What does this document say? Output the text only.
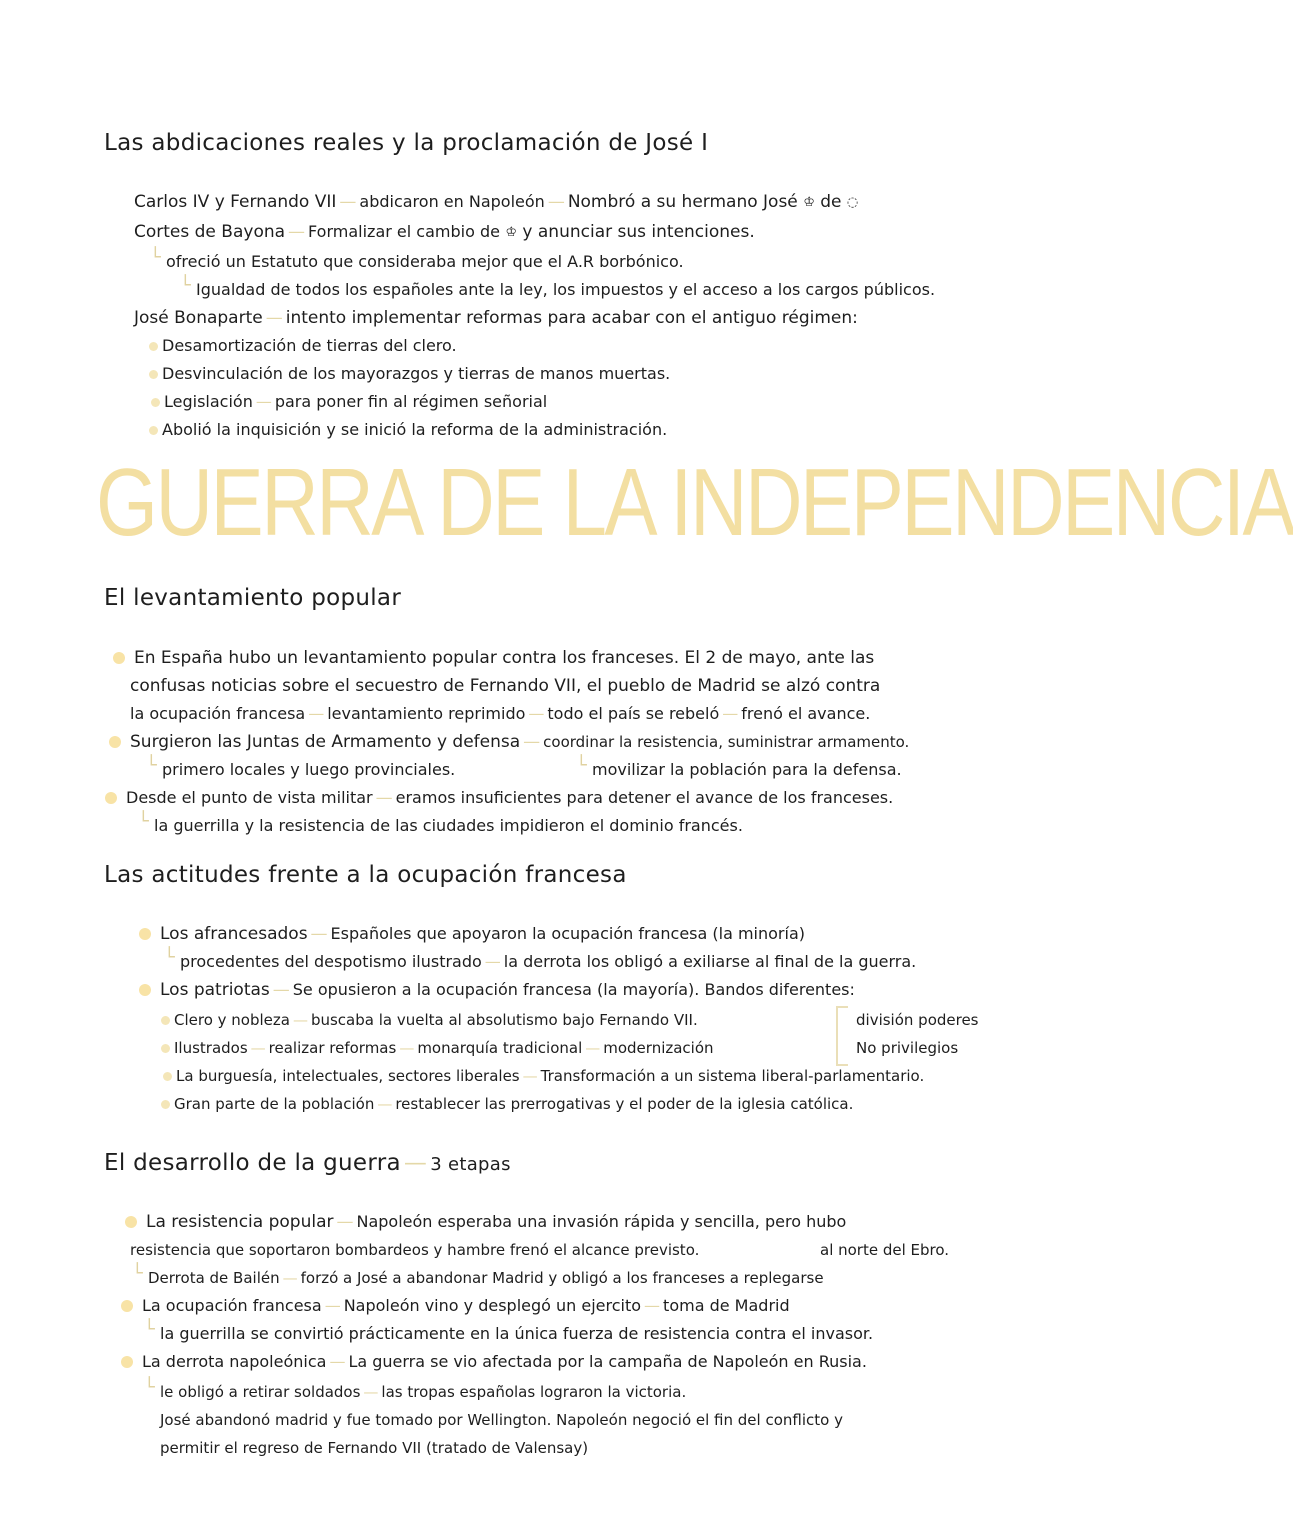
Las abdicaciones reales y la proclamación de José I
Carlos IV y Fernando VII — abdicaron en Napoleón — Nombró a su hermano José ♔ de ◌
Cortes de Bayona — Formalizar el cambio de ♔ y anunciar sus intenciones.
└ ofreció un Estatuto que consideraba mejor que el A.R borbónico.
└ Igualdad de todos los españoles ante la ley, los impuestos y el acceso a los cargos públicos.
José Bonaparte — intento implementar reformas para acabar con el antiguo régimen:
Desamortización de tierras del clero.
Desvinculación de los mayorazgos y tierras de manos muertas.
Legislación — para poner fin al régimen señorial
Abolió la inquisición y se inició la reforma de la administración.
GUERRA DE LA INDEPENDENCIA
El levantamiento popular
En España hubo un levantamiento popular contra los franceses. El 2 de mayo, ante las
confusas noticias sobre el secuestro de Fernando VII, el pueblo de Madrid se alzó contra
la ocupación francesa — levantamiento reprimido — todo el país se rebeló — frenó el avance.
Surgieron las Juntas de Armamento y defensa — coordinar la resistencia, suministrar armamento.
└ primero locales y luego provinciales.
└	movilizar la población para la defensa.
Desde el punto de vista militar — eramos insuficientes para detener el avance de los franceses.
└ la guerrilla y la resistencia de las ciudades impidieron el dominio francés.
Las actitudes frente a la ocupación francesa
Los afrancesados — Españoles que apoyaron la ocupación francesa (la minoría)
└ procedentes del despotismo ilustrado — la derrota los obligó a exiliarse al final de la guerra.
Los patriotas — Se opusieron a la ocupación francesa (la mayoría). Bandos diferentes:
Clero y nobleza — buscaba la vuelta al absolutismo bajo Fernando VII.	división poderes
Ilustrados — realizar reformas — monarquía tradicional — modernización	No privilegios
La burguesía, intelectuales, sectores liberales — Transformación a un sistema liberal-parlamentario.
Gran parte de la población — restablecer las prerrogativas y el poder de la iglesia católica.
El desarrollo de la guerra — 3 etapas
La resistencia popular — Napoleón esperaba una invasión rápida y sencilla, pero hubo
resistencia que soportaron bombardeos y hambre frenó el alcance previsto.	al norte del Ebro.
└ Derrota de Bailén — forzó a José a abandonar Madrid y obligó a los franceses a replegarse
La ocupación francesa — Napoleón vino y desplegó un ejercito — toma de Madrid
└ la guerrilla se convirtió prácticamente en la única fuerza de resistencia contra el invasor.
La derrota napoleónica — La guerra se vio afectada por la campaña de Napoleón en Rusia.
└ le obligó a retirar soldados — las tropas españolas lograron la victoria.
José abandonó madrid y fue tomado por Wellington. Napoleón negoció el fin del conflicto y
permitir el regreso de Fernando VII (tratado de Valensay)
